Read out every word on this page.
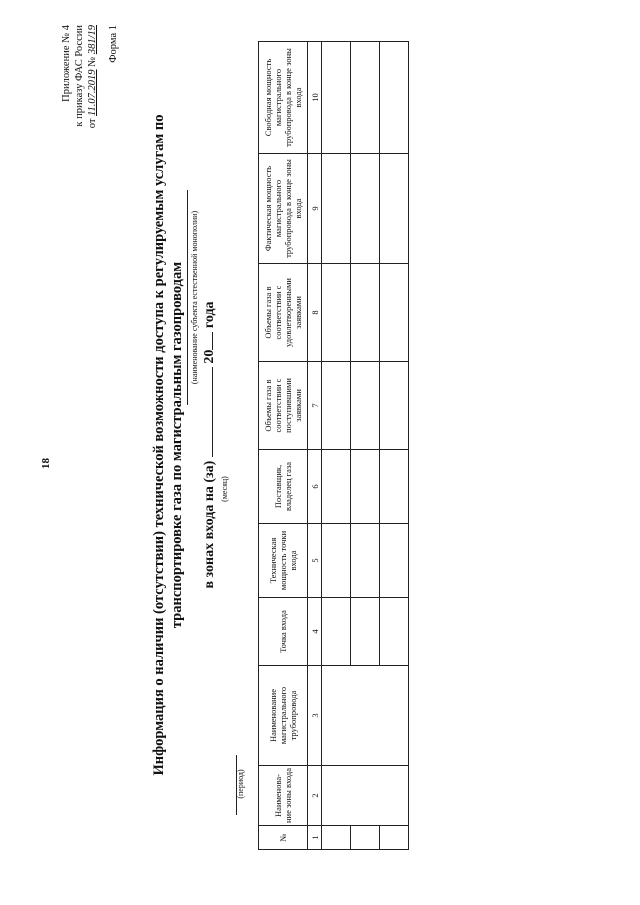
18
Приложение № 4 к приказу ФАС России от 11.07.2019 № 381/19 Форма 1
Информация о наличии (отсутствии) технической возможности доступа к регулируемым услугам по транспортировке газа по магистральным газопроводам (наименование субъекта естественной монополии)
в зонах входа на (за)  20 года
(месяц)
(период)
№	Наименова-ние зоны входа	Наименование магистрального трубопровода	Точка входа	Техническая мощность точки входа	Поставщик, владелец газа	Объемы газа в соответствии с поступившими заявками	Объемы газа в соответствии с удовлетворенными заявками	Фактическая мощность магистрального трубопровода в конце зоны входа	Свободная мощность магистрального трубопровода в конце зоны входа
1	2	3	4	5	6	7	8	9	10
